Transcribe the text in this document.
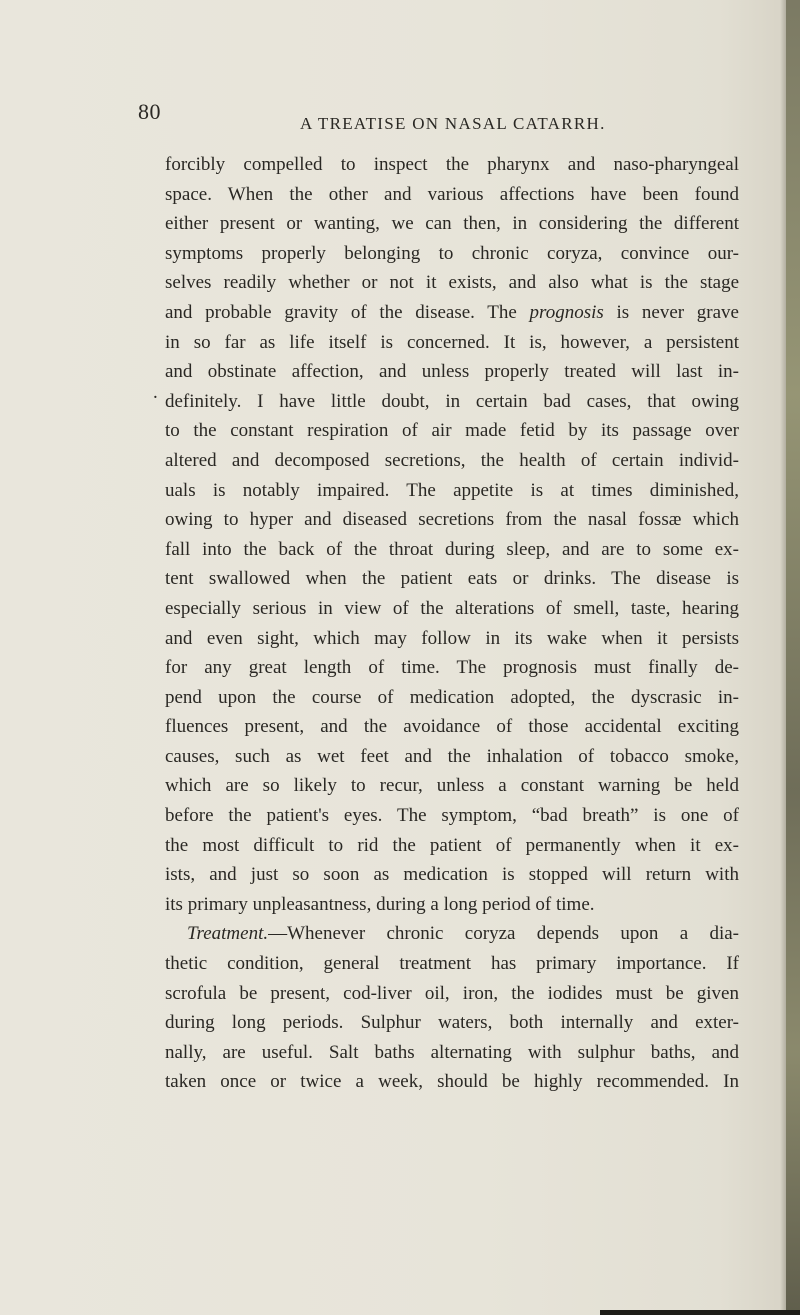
80	A TREATISE ON NASAL CATARRH.
.
forcibly compelled to inspect the pharynx and naso-pharyngeal
space. When the other and various affections have been found
either present or wanting, we can then, in considering the different
symptoms properly belonging to chronic coryza, convince our-
selves readily whether or not it exists, and also what is the stage
and probable gravity of the disease. The prognosis is never grave
in so far as life itself is concerned. It is, however, a persistent
and obstinate affection, and unless properly treated will last in-
definitely. I have little doubt, in certain bad cases, that owing
to the constant respiration of air made fetid by its passage over
altered and decomposed secretions, the health of certain individ-
uals is notably impaired. The appetite is at times diminished,
owing to hyper and diseased secretions from the nasal fossæ which
fall into the back of the throat during sleep, and are to some ex-
tent swallowed when the patient eats or drinks. The disease is
especially serious in view of the alterations of smell, taste, hearing
and even sight, which may follow in its wake when it persists
for any great length of time. The prognosis must finally de-
pend upon the course of medication adopted, the dyscrasic in-
fluences present, and the avoidance of those accidental exciting
causes, such as wet feet and the inhalation of tobacco smoke,
which are so likely to recur, unless a constant warning be held
before the patient's eyes. The symptom, “bad breath” is one of
the most difficult to rid the patient of permanently when it ex-
ists, and just so soon as medication is stopped will return with
its primary unpleasantness, during a long period of time.
Treatment.—Whenever chronic coryza depends upon a dia-
thetic condition, general treatment has primary importance. If
scrofula be present, cod-liver oil, iron, the iodides must be given
during long periods. Sulphur waters, both internally and exter-
nally, are useful. Salt baths alternating with sulphur baths, and
taken once or twice a week, should be highly recommended. In
